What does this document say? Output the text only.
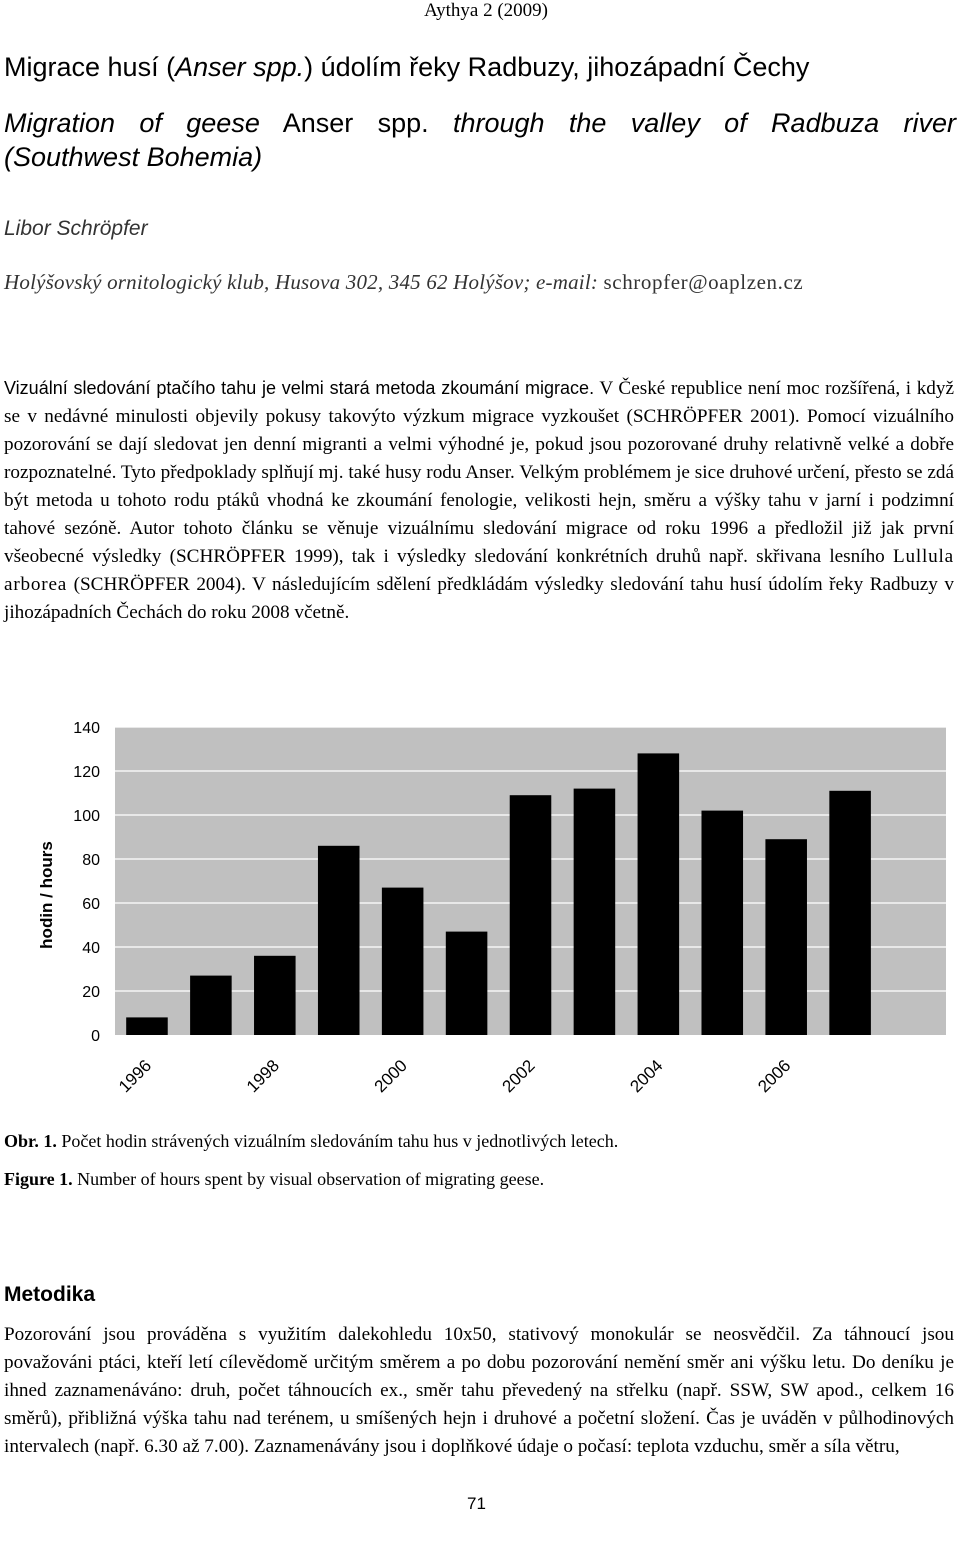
Aythya 2 (2009)
Migrace husí (Anser spp.) údolím řeky Radbuzy, jihozápadní Čechy
Migration of geese Anser spp. through the valley of Radbuza river
(Southwest Bohemia)
Libor Schröpfer
Holýšovský ornitologický klub, Husova 302, 345 62 Holýšov; e-mail: schropfer@oaplzen.cz
Vizuální sledování ptačího tahu je velmi stará metoda zkoumání migrace. V České republice není moc rozšířená, i když se v nedávné minulosti objevily pokusy takovýto výzkum migrace vyzkoušet (SCHRÖPFER 2001). Pomocí vizuálního pozorování se dají sledovat jen denní migranti a velmi výhodné je, pokud jsou pozorované druhy relativně velké a dobře rozpoznatelné. Tyto předpoklady splňují mj. také husy rodu Anser. Velkým problémem je sice druhové určení, přesto se zdá být metoda u tohoto rodu ptáků vhodná ke zkoumání fenologie, velikosti hejn, směru a výšky tahu v jarní i podzimní tahové sezóně. Autor tohoto článku se věnuje vizuálnímu sledování migrace od roku 1996 a předložil již jak první všeobecné výsledky (SCHRÖPFER 1999), tak i výsledky sledování konkrétních druhů např. skřivana lesního Lullula arborea (SCHRÖPFER 2004). V následujícím sdělení předkládám výsledky sledování tahu husí údolím řeky Radbuzy v jihozápadních Čechách do roku 2008 včetně.
0
20
40
60
80
100
120
140
1996	1998	2000	2002	2004	2006
hodin / hours
Obr. 1. Počet hodin strávených vizuálním sledováním tahu hus v jednotlivých letech.
Figure 1. Number of hours spent by visual observation of migrating geese.
Metodika
Pozorování jsou prováděna s využitím dalekohledu 10x50, stativový monokulár se neosvědčil. Za táhnoucí jsou považováni ptáci, kteří letí cílevědomě určitým směrem a po dobu pozorování nemění směr ani výšku letu. Do deníku je ihned zaznamenáváno: druh, počet táhnoucích ex., směr tahu převedený na střelku (např. SSW, SW apod., celkem 16 směrů), přibližná výška tahu nad terénem, u smíšených hejn i druhové a početní složení. Čas je uváděn v půlhodinových intervalech (např. 6.30 až 7.00). Zaznamenávány jsou i doplňkové údaje o počasí: teplota vzduchu, směr a síla větru,
71
